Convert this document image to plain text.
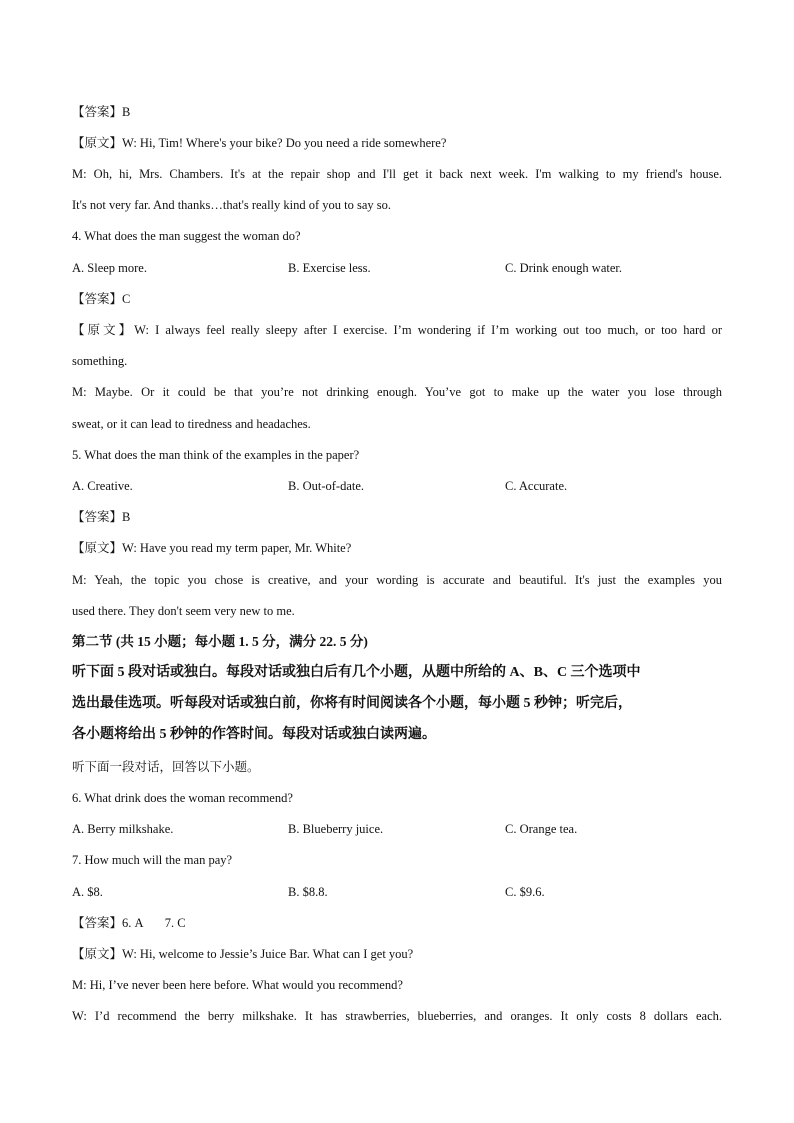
【答案】B
【原文】W: Hi, Tim! Where's your bike? Do you need a ride somewhere?
M: Oh, hi, Mrs. Chambers. It's at the repair shop and I'll get it back next week. I'm walking to my friend's house.
It's not very far. And thanks…that's really kind of you to say so.
4. What does the man suggest the woman do?
A. Sleep more.	B. Exercise less.	C. Drink enough water.
【答案】C
【原文】W: I always feel really sleepy after I exercise. I’m wondering if I’m working out too much, or too hard or
something.
M: Maybe. Or it could be that you’re not drinking enough. You’ve got to make up the water you lose through
sweat, or it can lead to tiredness and headaches.
5. What does the man think of the examples in the paper?
A. Creative.	B. Out-of-date.	C. Accurate.
【答案】B
【原文】W: Have you read my term paper, Mr. White?
M: Yeah, the topic you chose is creative, and your wording is accurate and beautiful. It's just the examples you
used there. They don't seem very new to me.
第二节 (共 15 小题；每小题 1. 5 分，满分 22. 5 分)
听下面 5 段对话或独白。每段对话或独白后有几个小题，从题中所给的 A、B、C 三个选项中
选出最佳选项。听每段对话或独白前，你将有时间阅读各个小题，每小题 5 秒钟；听完后，
各小题将给出 5 秒钟的作答时间。每段对话或独白读两遍。
听下面一段对话，回答以下小题。
6. What drink does the woman recommend?
A. Berry milkshake.	B. Blueberry juice.	C. Orange tea.
7. How much will the man pay?
A. $8.	B. $8.8.	C. $9.6.
【答案】6. A       7. C
【原文】W: Hi, welcome to Jessie’s Juice Bar. What can I get you?
M: Hi, I’ve never been here before. What would you recommend?
W: I’d recommend the berry milkshake. It has strawberries, blueberries, and oranges. It only costs 8 dollars each.
